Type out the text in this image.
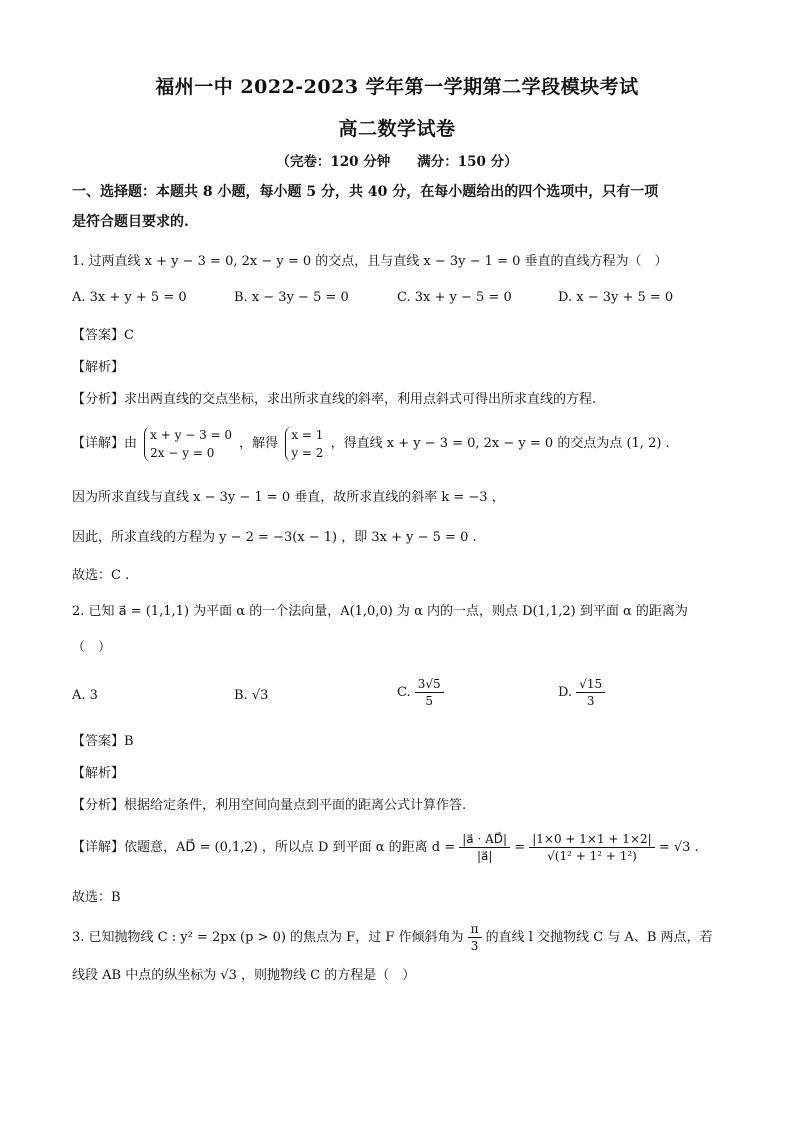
福州一中 2022-2023 学年第一学期第二学段模块考试
高二数学试卷
（完卷：120 分钟　　满分：150 分）
一、选择题：本题共 8 小题，每小题 5 分，共 40 分，在每小题给出的四个选项中，只有一项
是符合题目要求的.
1. 过两直线 x + y − 3 = 0, 2x − y = 0 的交点，且与直线 x − 3y − 1 = 0 垂直的直线方程为（　）
A. 3x + y + 5 = 0	B. x − 3y − 5 = 0	C. 3x + y − 5 = 0	D. x − 3y + 5 = 0
【答案】C
【解析】
【分析】求出两直线的交点坐标，求出所求直线的斜率，利用点斜式可得出所求直线的方程.
【详解】由
x + y − 3 = 0
2x − y = 0
，解得
x = 1
y = 2
，得直线 x + y − 3 = 0, 2x − y = 0 的交点为点 (1, 2) .
因为所求直线与直线 x − 3y − 1 = 0 垂直，故所求直线的斜率 k = −3 ，
因此，所求直线的方程为 y − 2 = −3(x − 1) ，即 3x + y − 5 = 0 .
故选：C .
2. 已知 a⃗ = (1,1,1) 为平面 α 的一个法向量，A(1,0,0) 为 α 内的一点，则点 D(1,1,2) 到平面 α 的距离为
（　）
A. 3	B. √3	C. $\frac{3√5}{5}$	D. $\frac{√15}{3}$
【答案】B
【解析】
【分析】根据给定条件，利用空间向量点到平面的距离公式计算作答.
【详解】依题意，AD⃗ = (0,1,2) ，所以点 D 到平面 α 的距离 $d = \frac{|a⃗ \cdot AD⃗|}{|a⃗|} = \frac{|1\times 0 + 1\times 1 + 1\times 2|}{\text{√(1² + 1² + 1²)}} = √3$ .
故选：B
3. 已知抛物线 C : y² = 2px (p > 0) 的焦点为 F，过 F 作倾斜角为 $\frac{\pi}{3}$ 的直线 l 交抛物线 C 与 A、B 两点，若
线段 AB 中点的纵坐标为 √3 ，则抛物线 C 的方程是（　）
